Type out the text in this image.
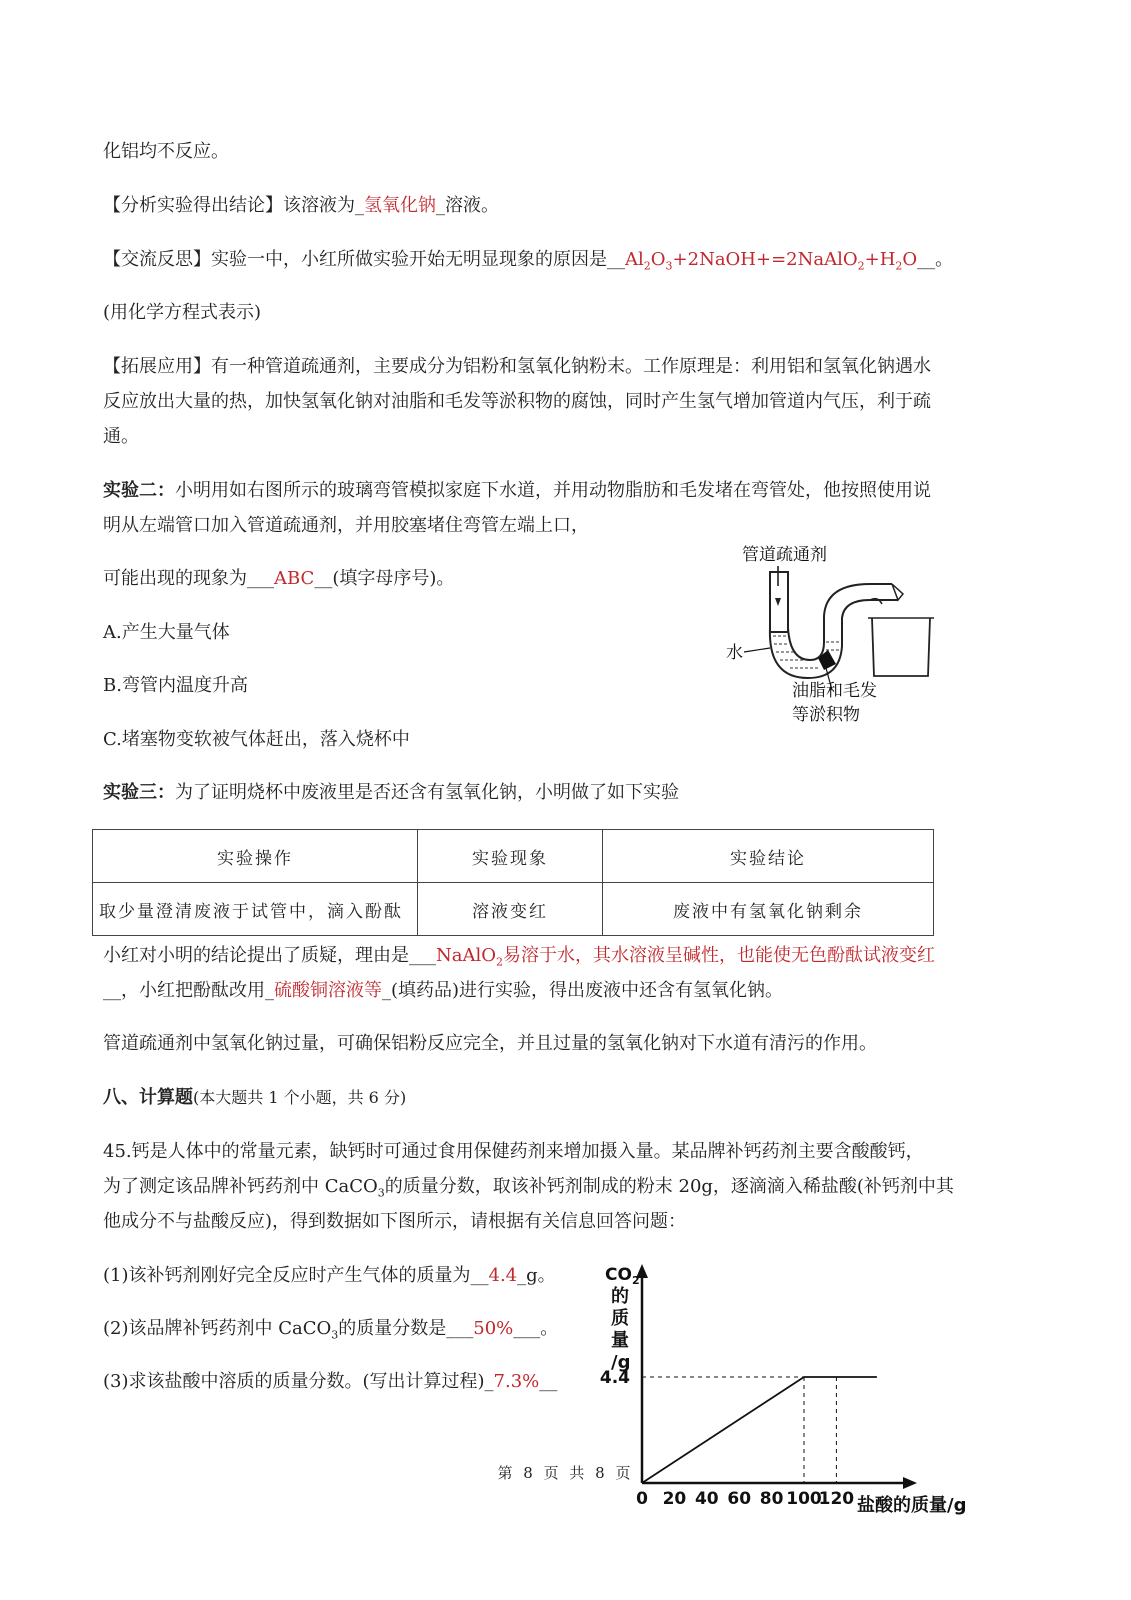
化铝均不反应。
【分析实验得出结论】该溶液为_氢氧化钠_溶液。
【交流反思】实验一中，小红所做实验开始无明显现象的原因是$\_\_Al_2O_3+2NaOH+=2NaAlO_2+H_2O\_\_$。
(用化学方程式表示)
【拓展应用】有一种管道疏通剂，主要成分为铝粉和氢氧化钠粉末。工作原理是：利用铝和氢氧化钠遇水
反应放出大量的热，加快氢氧化钠对油脂和毛发等淤积物的腐蚀，同时产生氢气增加管道内气压，利于疏
通。
实验二：小明用如右图所示的玻璃弯管模拟家庭下水道，并用动物脂肪和毛发堵在弯管处，他按照使用说
明从左端管口加入管道疏通剂，并用胶塞堵住弯管左端上口，
可能出现的现象为___ABC__(填字母序号)。
A.产生大量气体
B.弯管内温度升高
C.堵塞物变软被气体赶出，落入烧杯中
实验三：为了证明烧杯中废液里是否还含有氢氧化钠，小明做了如下实验
管道疏通剂
水
油脂和毛发
等淤积物
实验操作	实验现象	实验结论
取少量澄清废液于试管中，滴入酚酞	溶液变红	废液中有氢氧化钠剩余
小红对小明的结论提出了质疑，理由是___NaAlO$_2$易溶于水，其水溶液呈碱性，也能使无色酚酞试液变红
__，小红把酚酞改用_硫酸铜溶液等_(填药品)进行实验，得出废液中还含有氢氧化钠。
管道疏通剂中氢氧化钠过量，可确保铝粉反应完全，并且过量的氢氧化钠对下水道有清污的作用。
八、计算题(本大题共 1 个小题，共 6 分)
45.钙是人体中的常量元素，缺钙时可通过食用保健药剂来增加摄入量。某品牌补钙药剂主要含酸酸钙，
为了测定该品牌补钙药剂中 CaCO$_3$的质量分数，取该补钙剂制成的粉末 20g，逐滴滴入稀盐酸(补钙剂中其
他成分不与盐酸反应)，得到数据如下图所示，请根据有关信息回答问题：
(1)该补钙剂刚好完全反应时产生气体的质量为__4.4_g。
(2)该品牌补钙药剂中 CaCO$_3$的质量分数是___50%___。
(3)求该盐酸中溶质的质量分数。(写出计算过程)_7.3%__
$CO_2$
的
质
量
/g
4.4
0 20 40 60 80 100
120 盐酸的质量/g
第 8 页 共 8 页
